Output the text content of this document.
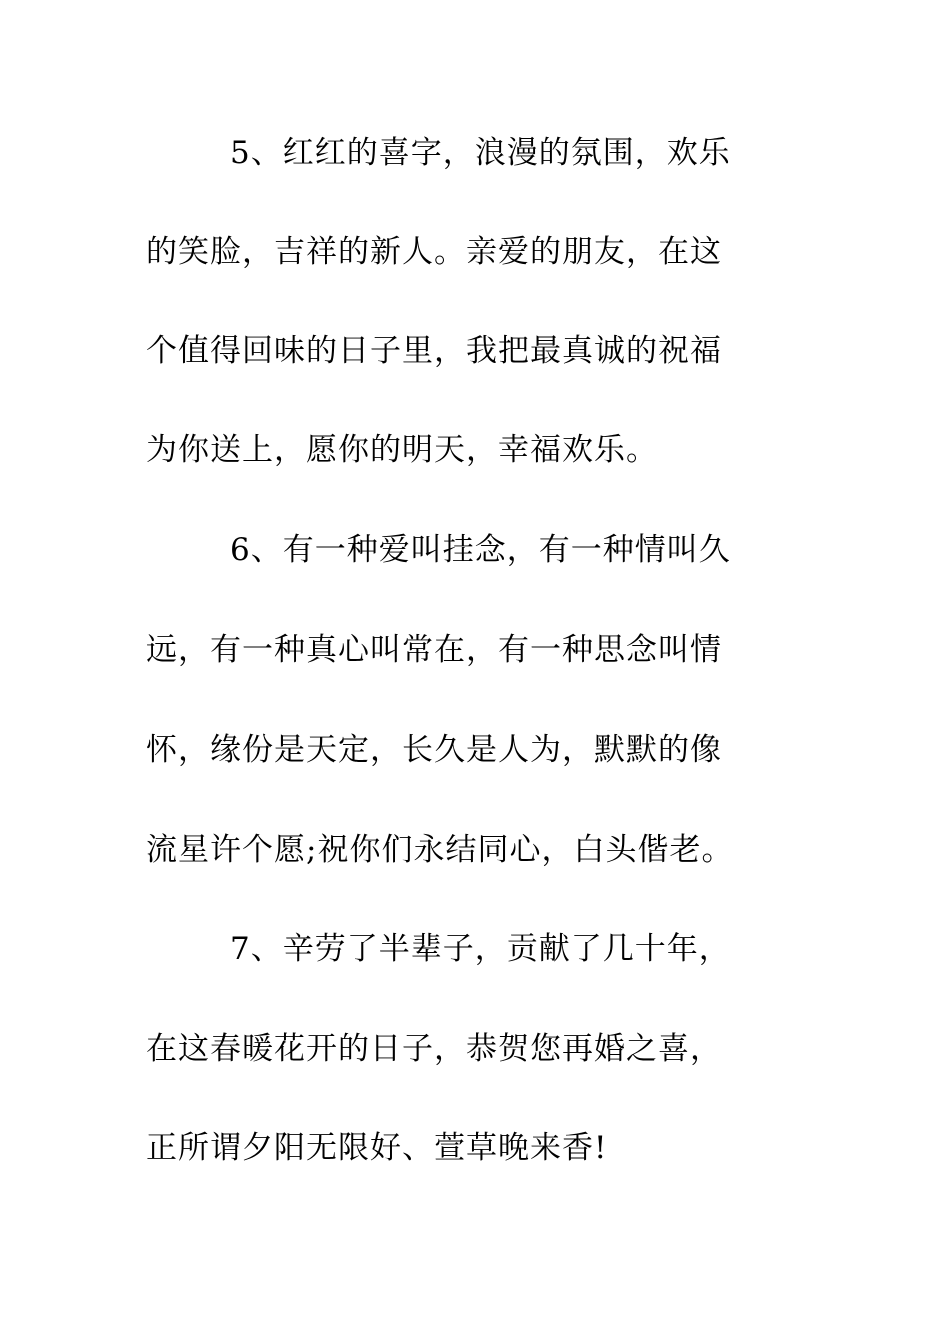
5、红红的喜字，浪漫的氛围，欢乐
的笑脸，吉祥的新人。亲爱的朋友，在这
个值得回味的日子里，我把最真诚的祝福
为你送上，愿你的明天，幸福欢乐。
6、有一种爱叫挂念，有一种情叫久
远，有一种真心叫常在，有一种思念叫情
怀，缘份是天定，长久是人为，默默的像
流星许个愿;祝你们永结同心，白头偕老。
7、辛劳了半辈子，贡献了几十年，
在这春暖花开的日子，恭贺您再婚之喜，
正所谓夕阳无限好、萱草晚来香!
